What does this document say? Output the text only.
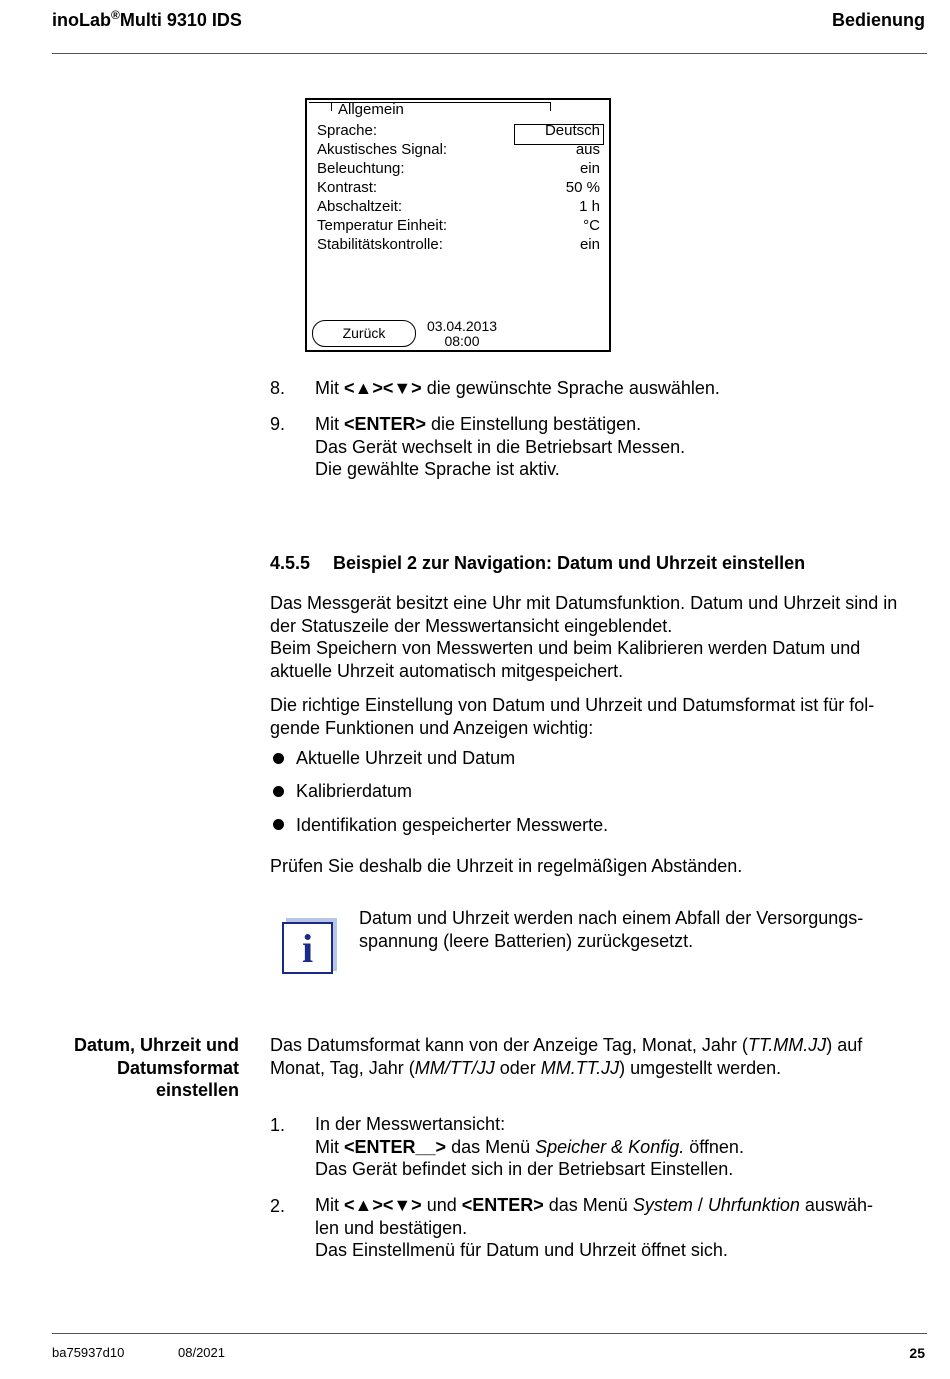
inoLab®Multi 9310 IDS	Bedienung
Allgemein
Sprache:	Deutsch
Akustisches Signal:	aus
Beleuchtung:	ein
Kontrast:	50 %
Abschaltzeit:	1 h
Temperatur Einheit:	°C
Stabilitätskontrolle:	ein
Zurück	03.04.2013
08:00
8. Mit <▲><▼> die gewünschte Sprache auswählen.
9. Mit <ENTER> die Einstellung bestätigen.
Das Gerät wechselt in die Betriebsart Messen.
Die gewählte Sprache ist aktiv.
4.5.5 Beispiel 2 zur Navigation: Datum und Uhrzeit einstellen
Das Messgerät besitzt eine Uhr mit Datumsfunktion. Datum und Uhrzeit sind in
der Statuszeile der Messwertansicht eingeblendet.
Beim Speichern von Messwerten und beim Kalibrieren werden Datum und
aktuelle Uhrzeit automatisch mitgespeichert.
Die richtige Einstellung von Datum und Uhrzeit und Datumsformat ist für fol-
gende Funktionen und Anzeigen wichtig:
Aktuelle Uhrzeit und Datum
Kalibrierdatum
Identifikation gespeicherter Messwerte.
Prüfen Sie deshalb die Uhrzeit in regelmäßigen Abständen.
i
Datum und Uhrzeit werden nach einem Abfall der Versorgungs-
spannung (leere Batterien) zurückgesetzt.
Datum, Uhrzeit und
Datumsformat
einstellen
Das Datumsformat kann von der Anzeige Tag, Monat, Jahr (TT.MM.JJ) auf
Monat, Tag, Jahr (MM/TT/JJ oder MM.TT.JJ) umgestellt werden.
1. In der Messwertansicht:
Mit <ENTER__> das Menü Speicher & Konfig. öffnen.
Das Gerät befindet sich in der Betriebsart Einstellen.
2. Mit <▲><▼> und <ENTER> das Menü System / Uhrfunktion auswäh-
len und bestätigen.
Das Einstellmenü für Datum und Uhrzeit öffnet sich.
ba75937d10	08/2021	25
